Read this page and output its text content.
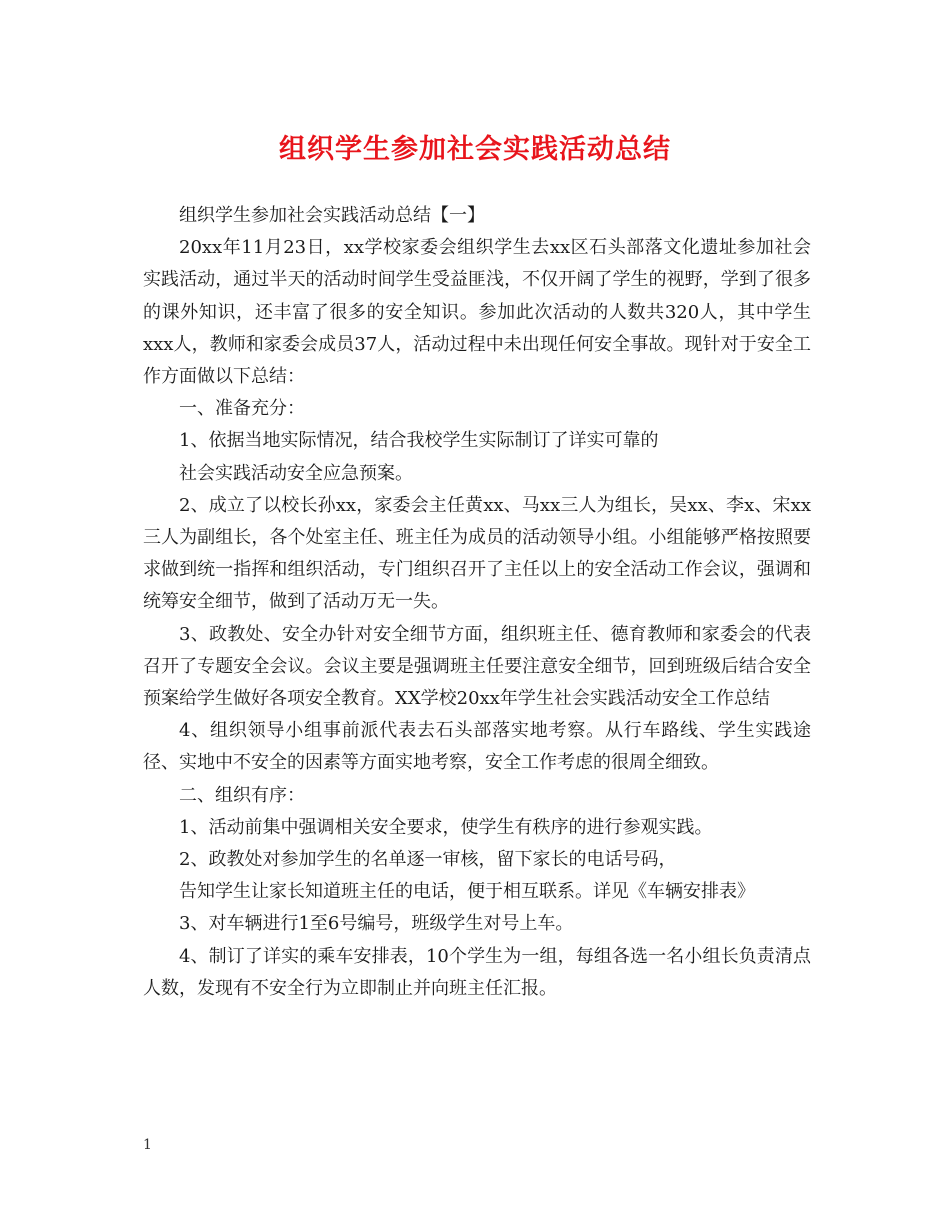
组织学生参加社会实践活动总结

组织学生参加社会实践活动总结【一】

20xx年11月23日，xx学校家委会组织学生去xx区石头部落文化遗址参加社会实践活动，通过半天的活动时间学生受益匪浅，不仅开阔了学生的视野，学到了很多的课外知识，还丰富了很多的安全知识。参加此次活动的人数共320人，其中学生xxx人，教师和家委会成员37人，活动过程中未出现任何安全事故。现针对于安全工作方面做以下总结：

一、准备充分：

1、依据当地实际情况，结合我校学生实际制订了详实可靠的

社会实践活动安全应急预案。

2、成立了以校长孙xx，家委会主任黄xx、马xx三人为组长，吴xx、李x、宋xx三人为副组长，各个处室主任、班主任为成员的活动领导小组。小组能够严格按照要求做到统一指挥和组织活动，专门组织召开了主任以上的安全活动工作会议，强调和统筹安全细节，做到了活动万无一失。

3、政教处、安全办针对安全细节方面，组织班主任、德育教师和家委会的代表召开了专题安全会议。会议主要是强调班主任要注意安全细节，回到班级后结合安全预案给学生做好各项安全教育。XX学校20xx年学生社会实践活动安全工作总结

4、组织领导小组事前派代表去石头部落实地考察。从行车路线、学生实践途径、实地中不安全的因素等方面实地考察，安全工作考虑的很周全细致。

二、组织有序：

1、活动前集中强调相关安全要求，使学生有秩序的进行参观实践。

2、政教处对参加学生的名单逐一审核，留下家长的电话号码，

告知学生让家长知道班主任的电话，便于相互联系。详见《车辆安排表》

3、对车辆进行1至6号编号，班级学生对号上车。

4、制订了详实的乘车安排表，10个学生为一组，每组各选一名小组长负责清点人数，发现有不安全行为立即制止并向班主任汇报。

1
